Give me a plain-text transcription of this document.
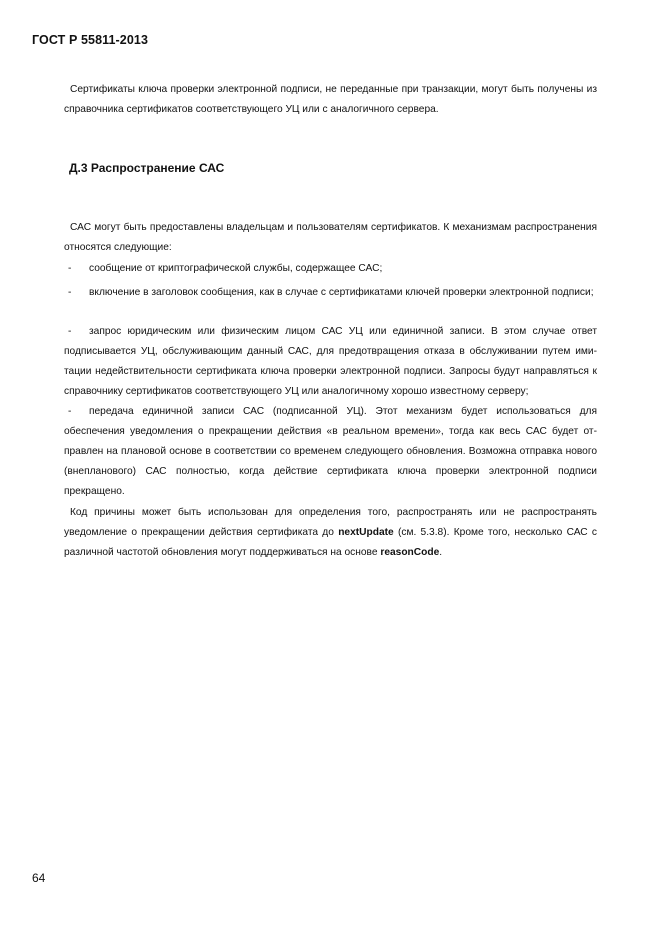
ГОСТ Р 55811-2013

Сертификаты ключа проверки электронной подписи, не переданные при транзакции, могут быть получены из справочника сертификатов соответствующего УЦ или с аналогичного сервера.

Д.3 Распространение САС

САС могут быть предоставлены владельцам и пользователям сертификатов. К механизмам распространения относятся следующие:

- сообщение от криптографической службы, содержащее САС;

- включение в заголовок сообщения, как в случае с сертификатами ключей проверки электронной подписи;

- запрос юридическим или физическим лицом САС УЦ или единичной записи. В этом случае ответ подписывается УЦ, обслуживающим данный САС, для предотвращения отказа в обслуживании путем имитации недействительности сертификата ключа проверки электронной подписи. Запросы будут направляться к справочнику сертификатов соответствующего УЦ или аналогичному хорошо известному серверу;

- передача единичной записи САС (подписанной УЦ). Этот механизм будет использоваться для обеспечения уведомления о прекращении действия «в реальном времени», тогда как весь САС будет отправлен на плановой основе в соответствии со временем следующего обновления. Возможна отправка нового (внепланового) САС полностью, когда действие сертификата ключа проверки электронной подписи прекращено.

Код причины может быть использован для определения того, распространять или не распространять уведомление о прекращении действия сертификата до nextUpdate (см. 5.3.8). Кроме того, несколько САС с различной частотой обновления могут поддерживаться на основе reasonCode.

64
